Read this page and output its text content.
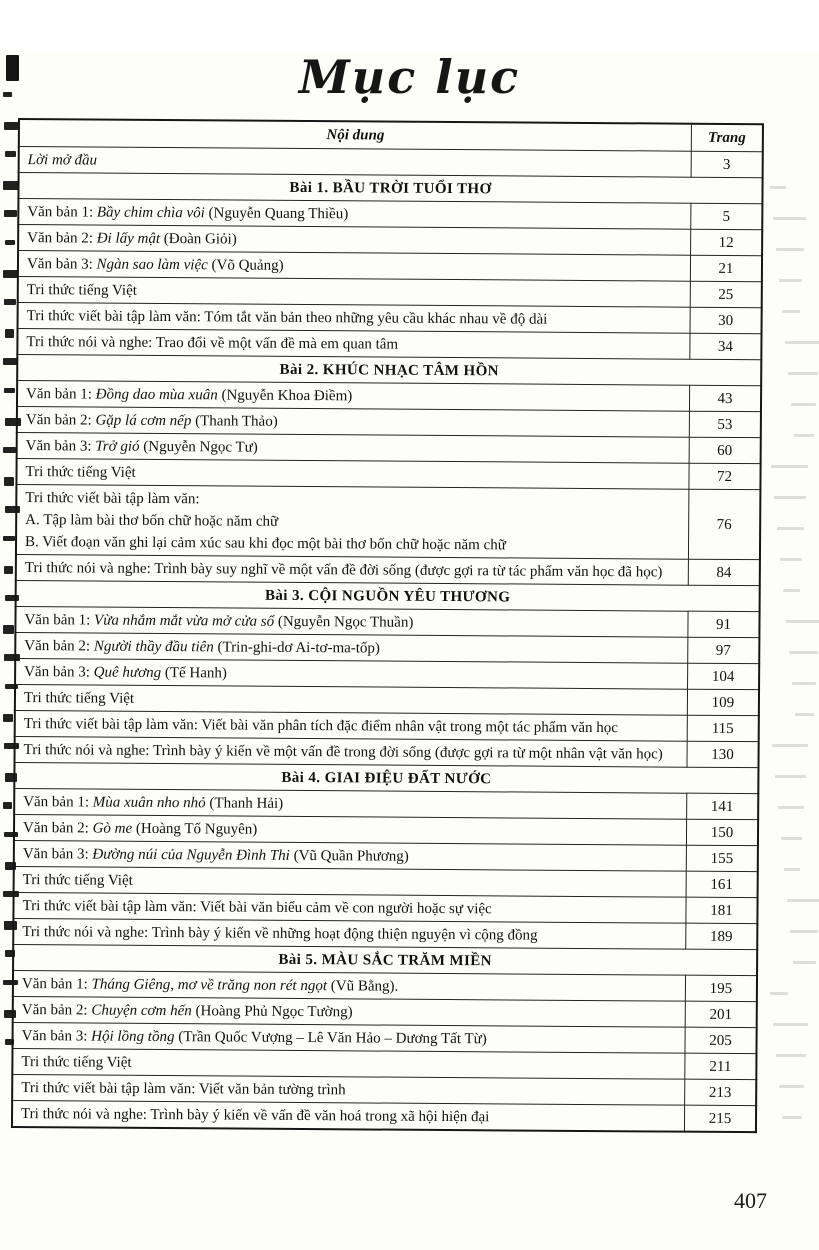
Mục lục
Nội dung	Trang
Lời mở đầu	3
Bài 1. BẦU TRỜI TUỔI THƠ	
Văn bản 1: Bầy chim chìa vôi (Nguyễn Quang Thiều)	5
Văn bản 2: Đi lấy mật (Đoàn Giỏi)	12
Văn bản 3: Ngàn sao làm việc (Võ Quảng)	21
Tri thức tiếng Việt	25
Tri thức viết bài tập làm văn: Tóm tắt văn bản theo những yêu cầu khác nhau về độ dài	30
Tri thức nói và nghe: Trao đổi về một vấn đề mà em quan tâm	34
Bài 2. KHÚC NHẠC TÂM HỒN	
Văn bản 1: Đồng dao mùa xuân (Nguyễn Khoa Điềm)	43
Văn bản 2: Gặp lá cơm nếp (Thanh Thảo)	53
Văn bản 3: Trở gió (Nguyễn Ngọc Tư)	60
Tri thức tiếng Việt	72
Tri thức viết bài tập làm văn:
A. Tập làm bài thơ bốn chữ hoặc năm chữ
B. Viết đoạn văn ghi lại cảm xúc sau khi đọc một bài thơ bốn chữ hoặc năm chữ	76
Tri thức nói và nghe: Trình bày suy nghĩ về một vấn đề đời sống (được gợi ra từ tác phẩm văn học đã học)	84
Bài 3. CỘI NGUỒN YÊU THƯƠNG	
Văn bản 1: Vừa nhắm mắt vừa mở cửa sổ (Nguyễn Ngọc Thuần)	91
Văn bản 2: Người thầy đầu tiên (Trin-ghi-dơ Ai-tơ-ma-tốp)	97
Văn bản 3: Quê hương (Tế Hanh)	104
Tri thức tiếng Việt	109
Tri thức viết bài tập làm văn: Viết bài văn phân tích đặc điểm nhân vật trong một tác phẩm văn học	115
Tri thức nói và nghe: Trình bày ý kiến về một vấn đề trong đời sống (được gợi ra từ một nhân vật văn học)	130
Bài 4. GIAI ĐIỆU ĐẤT NƯỚC	
Văn bản 1: Mùa xuân nho nhỏ (Thanh Hải)	141
Văn bản 2: Gò me (Hoàng Tố Nguyên)	150
Văn bản 3: Đường núi của Nguyễn Đình Thi (Vũ Quần Phương)	155
Tri thức tiếng Việt	161
Tri thức viết bài tập làm văn: Viết bài văn biểu cảm về con người hoặc sự việc	181
Tri thức nói và nghe: Trình bày ý kiến về những hoạt động thiện nguyện vì cộng đồng	189
Bài 5. MÀU SẮC TRĂM MIỀN	
Văn bản 1: Tháng Giêng, mơ về trăng non rét ngọt (Vũ Bằng).	195
Văn bản 2: Chuyện cơm hến (Hoàng Phủ Ngọc Tường)	201
Văn bản 3: Hội lồng tồng (Trần Quốc Vượng – Lê Văn Hảo – Dương Tất Từ)	205
Tri thức tiếng Việt	211
Tri thức viết bài tập làm văn: Viết văn bản tường trình	213
Tri thức nói và nghe: Trình bày ý kiến về vấn đề văn hoá trong xã hội hiện đại	215
407
